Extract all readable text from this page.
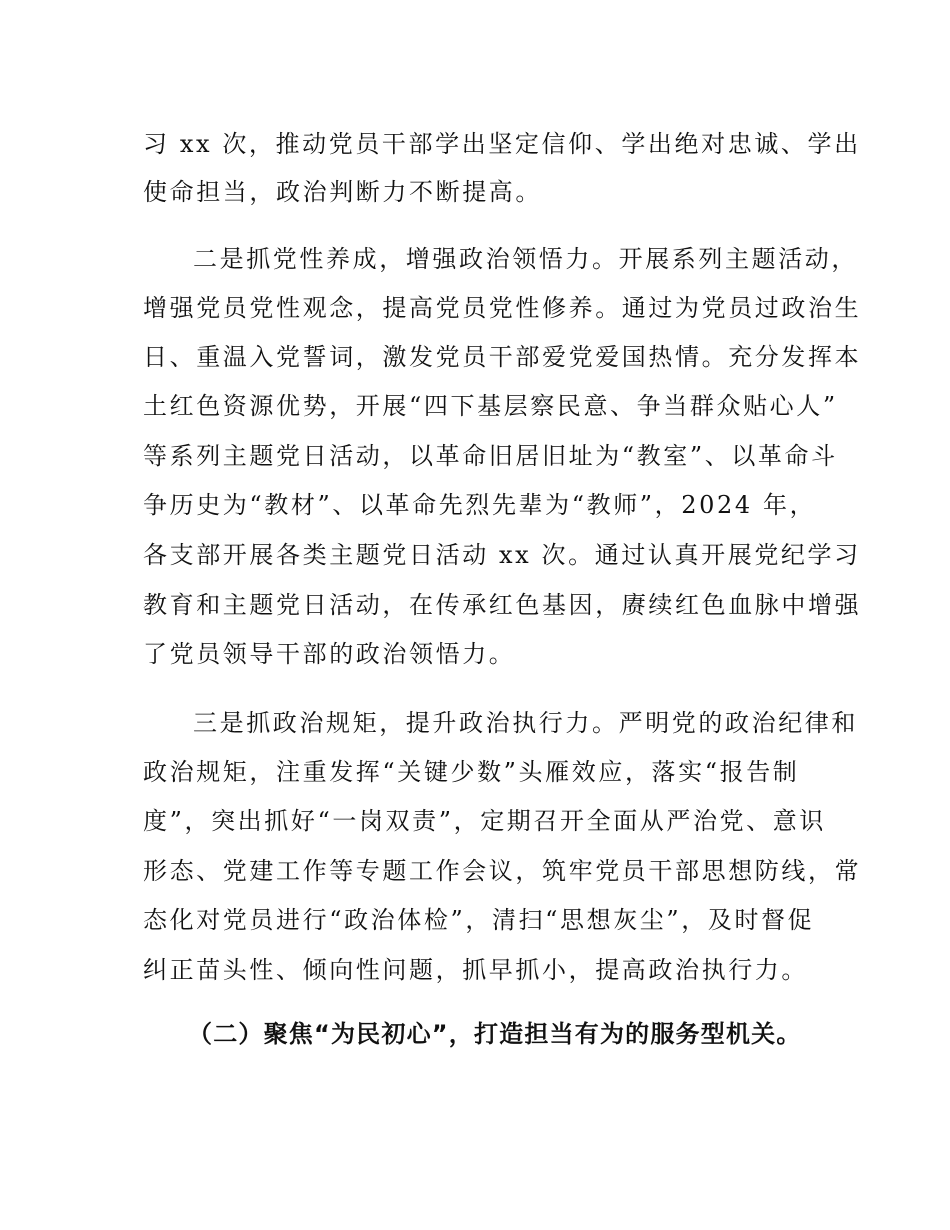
习 xx 次，推动党员干部学出坚定信仰、学出绝对忠诚、学出
使命担当，政治判断力不断提高。
二是抓党性养成，增强政治领悟力。开展系列主题活动，
增强党员党性观念，提高党员党性修养。通过为党员过政治生
日、重温入党誓词，激发党员干部爱党爱国热情。充分发挥本
土红色资源优势，开展“四下基层察民意、争当群众贴心人”
等系列主题党日活动，以革命旧居旧址为“教室”、以革命斗
争历史为“教材”、以革命先烈先辈为“教师”，2024 年，
各支部开展各类主题党日活动 xx 次。通过认真开展党纪学习
教育和主题党日活动，在传承红色基因，赓续红色血脉中增强
了党员领导干部的政治领悟力。
三是抓政治规矩，提升政治执行力。严明党的政治纪律和
政治规矩，注重发挥“关键少数”头雁效应，落实“报告制
度”，突出抓好“一岗双责”，定期召开全面从严治党、意识
形态、党建工作等专题工作会议，筑牢党员干部思想防线，常
态化对党员进行“政治体检”，清扫“思想灰尘”，及时督促
纠正苗头性、倾向性问题，抓早抓小，提高政治执行力。
（二）聚焦“为民初心”，打造担当有为的服务型机关。
